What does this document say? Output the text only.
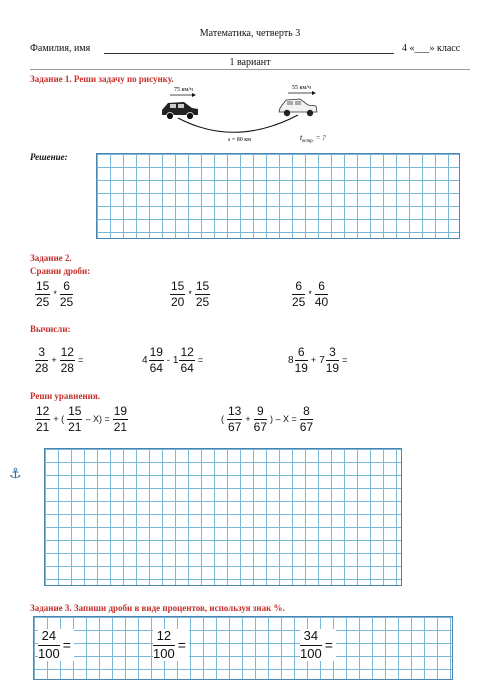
Математика, четверть 3
Фамилия, имя	4 «___» класс
1 вариант
Задание 1. Реши задачу по рисунку.
75 км/ч	55 км/ч
s = 80 км	$t_{встр.}$ = ?
Решение:
Задание 2.
Сравни дроби:
$\frac{15}{25} * \frac{6}{25}$	$\frac{15}{20} * \frac{15}{25}$	$\frac{6}{25} * \frac{6}{40}$
Вычисли:
$\frac{3}{28} + \frac{12}{28}$ =	$4 \frac{19}{64} - 1 \frac{12}{64}$ =	$8 \frac{6}{19} + 7 \frac{3}{19}$ =
Реши уравнения.
$\frac{12}{21}$ + ( $\frac{15}{21} - X) = \frac{19}{21}$	( $\frac{13}{67} + \frac{9}{67}$ ) – $X = \frac{8}{67}$
⚓
Задание 3. Запиши дроби в виде процентов, используя знак %.
$\frac{24}{100}$ =	$\frac{12}{100}$ =	$\frac{34}{100}$ =
